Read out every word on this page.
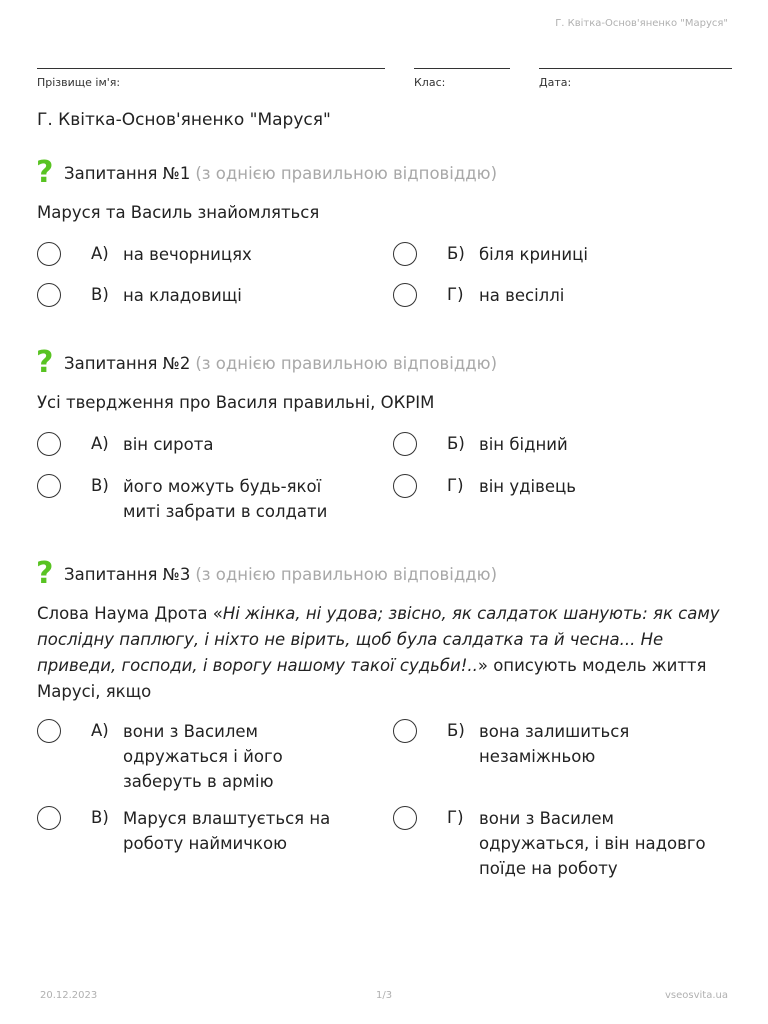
Г. Квітка-Основ'яненко "Маруся"
Прізвище ім'я:	Клас:	Дата:
Г. Квітка-Основ'яненко "Маруся"
? Запитання №1 (з однією правильною відповіддю)
Маруся та Василь знайомляться
А) на вечорницях	Б) біля криниці
В) на кладовищі	Г) на весіллі
? Запитання №2 (з однією правильною відповіддю)
Усі твердження про Василя правильні, ОКРІМ
А) він сирота	Б) він бідний
В) його можуть будь-якої
миті забрати в солдати
Г) він удівець
? Запитання №3 (з однією правильною відповіддю)
Слова Наума Дрота «Ні жінка, ні удова; звісно, як салдаток шанують: як саму послідну паплюгу, і ніхто не вірить, щоб була салдатка та й чесна... Не приведи, господи, і ворогу нашому такої судьби!..» описують модель життя Марусі, якщо
А) вони з Василем
одружаться і його
заберуть в армію
Б) вона залишиться
незаміжньою
В) Маруся влаштується на
роботу наймичкою
Г) вони з Василем
одружаться, і він надовго
поїде на роботу
20.12.2023	1/3	vseosvita.ua
